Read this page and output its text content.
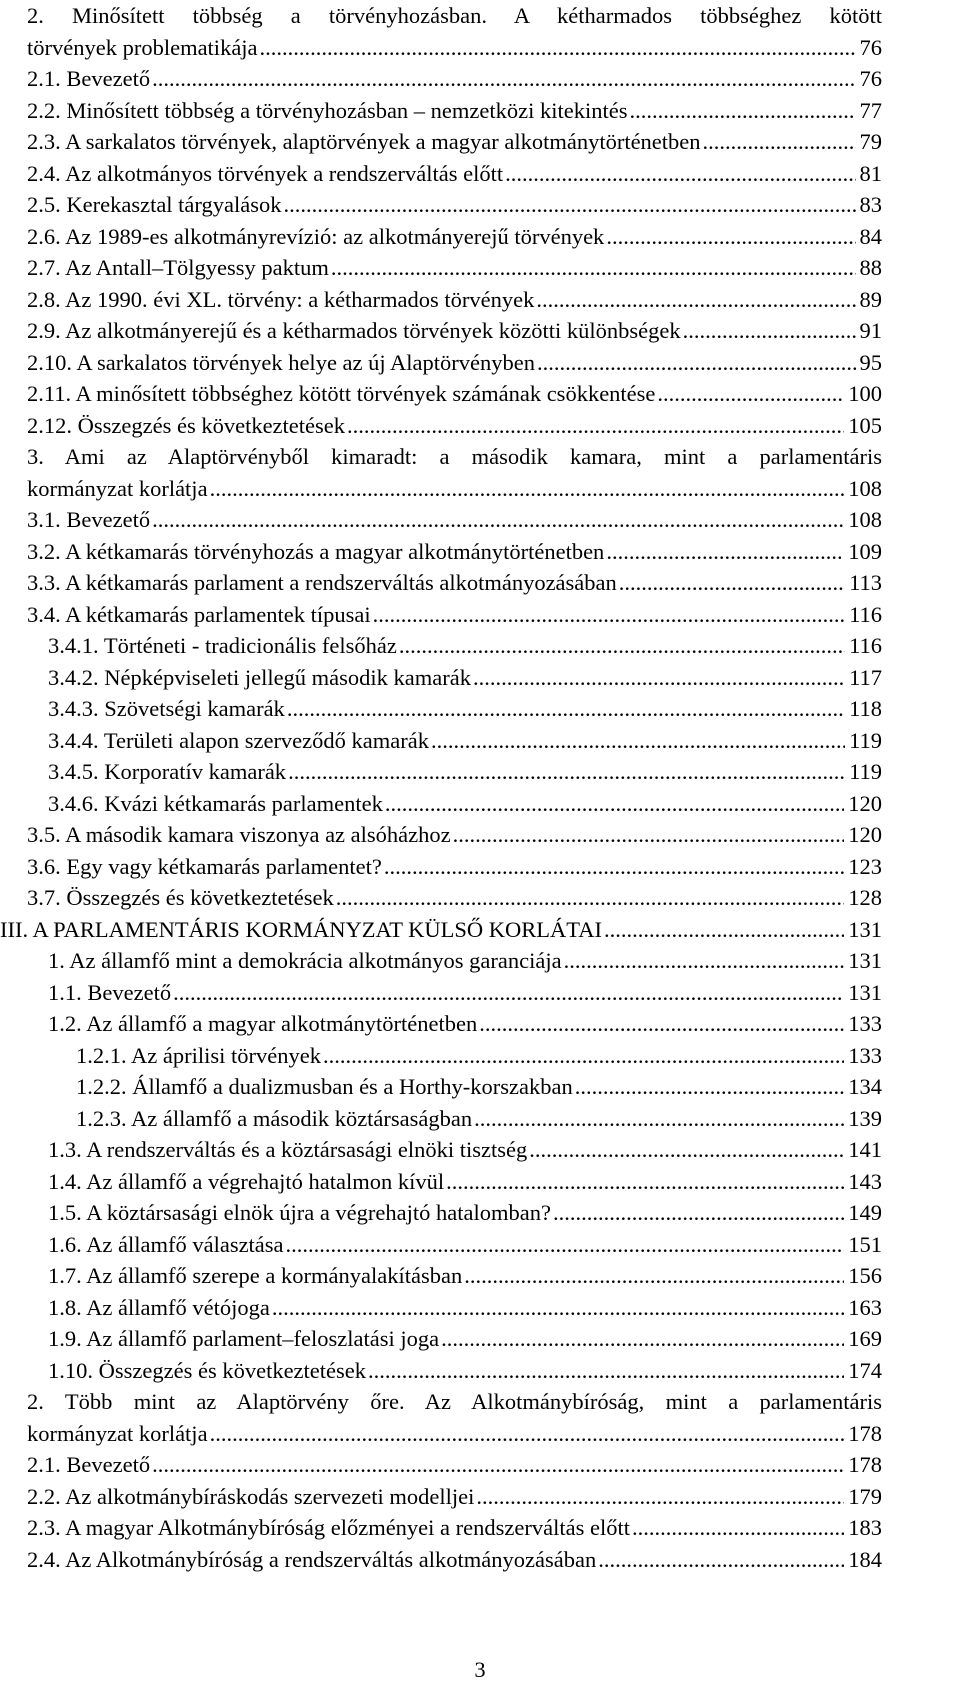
2. Minősített többség a törvényhozásban. A kétharmados többséghez kötött
törvények problematikája .....	76
2.1. Bevezető .....	76
2.2. Minősített többség a törvényhozásban – nemzetközi kitekintés .....	77
2.3. A sarkalatos törvények, alaptörvények a magyar alkotmánytörténetben .....	79
2.4. Az alkotmányos törvények a rendszerváltás előtt .....	81
2.5. Kerekasztal tárgyalások .....	83
2.6. Az 1989-es alkotmányrevízió: az alkotmányerejű törvények .....	84
2.7. Az Antall–Tölgyessy paktum .....	88
2.8. Az 1990. évi XL. törvény: a kétharmados törvények .....	89
2.9. Az alkotmányerejű és a kétharmados törvények közötti különbségek .....	91
2.10. A sarkalatos törvények helye az új Alaptörvényben .....	95
2.11. A minősített többséghez kötött törvények számának csökkentése .....	100
2.12. Összegzés és következtetések .....	105
3. Ami az Alaptörvényből kimaradt: a második kamara, mint a parlamentáris
kormányzat korlátja .....	108
3.1. Bevezető .....	108
3.2. A kétkamarás törvényhozás a magyar alkotmánytörténetben .....	109
3.3. A kétkamarás parlament a rendszerváltás alkotmányozásában .....	113
3.4. A kétkamarás parlamentek típusai .....	116
3.4.1. Történeti - tradicionális felsőház .....	116
3.4.2. Népképviseleti jellegű második kamarák .....	117
3.4.3. Szövetségi kamarák .....	118
3.4.4. Területi alapon szerveződő kamarák .....	119
3.4.5. Korporatív kamarák .....	119
3.4.6. Kvázi kétkamarás parlamentek .....	120
3.5. A második kamara viszonya az alsóházhoz .....	120
3.6. Egy vagy kétkamarás parlamentet? .....	123
3.7. Összegzés és következtetések .....	128
III. A PARLAMENTÁRIS KORMÁNYZAT KÜLSŐ KORLÁTAI .....	131
1. Az államfő mint a demokrácia alkotmányos garanciája .....	131
1.1. Bevezető .....	131
1.2. Az államfő a magyar alkotmánytörténetben .....	133
1.2.1. Az áprilisi törvények .....	133
1.2.2. Államfő a dualizmusban és a Horthy-korszakban .....	134
1.2.3. Az államfő a második köztársaságban .....	139
1.3. A rendszerváltás és a köztársasági elnöki tisztség .....	141
1.4. Az államfő a végrehajtó hatalmon kívül .....	143
1.5. A köztársasági elnök újra a végrehajtó hatalomban? .....	149
1.6. Az államfő választása .....	151
1.7. Az államfő szerepe a kormányalakításban .....	156
1.8. Az államfő vétójoga .....	163
1.9. Az államfő parlament–feloszlatási joga .....	169
1.10. Összegzés és következtetések .....	174
2. Több mint az Alaptörvény őre. Az Alkotmánybíróság, mint a parlamentáris
kormányzat korlátja .....	178
2.1. Bevezető .....	178
2.2. Az alkotmánybíráskodás szervezeti modelljei .....	179
2.3. A magyar Alkotmánybíróság előzményei a rendszerváltás előtt .....	183
2.4. Az Alkotmánybíróság a rendszerváltás alkotmányozásában .....	184
3
